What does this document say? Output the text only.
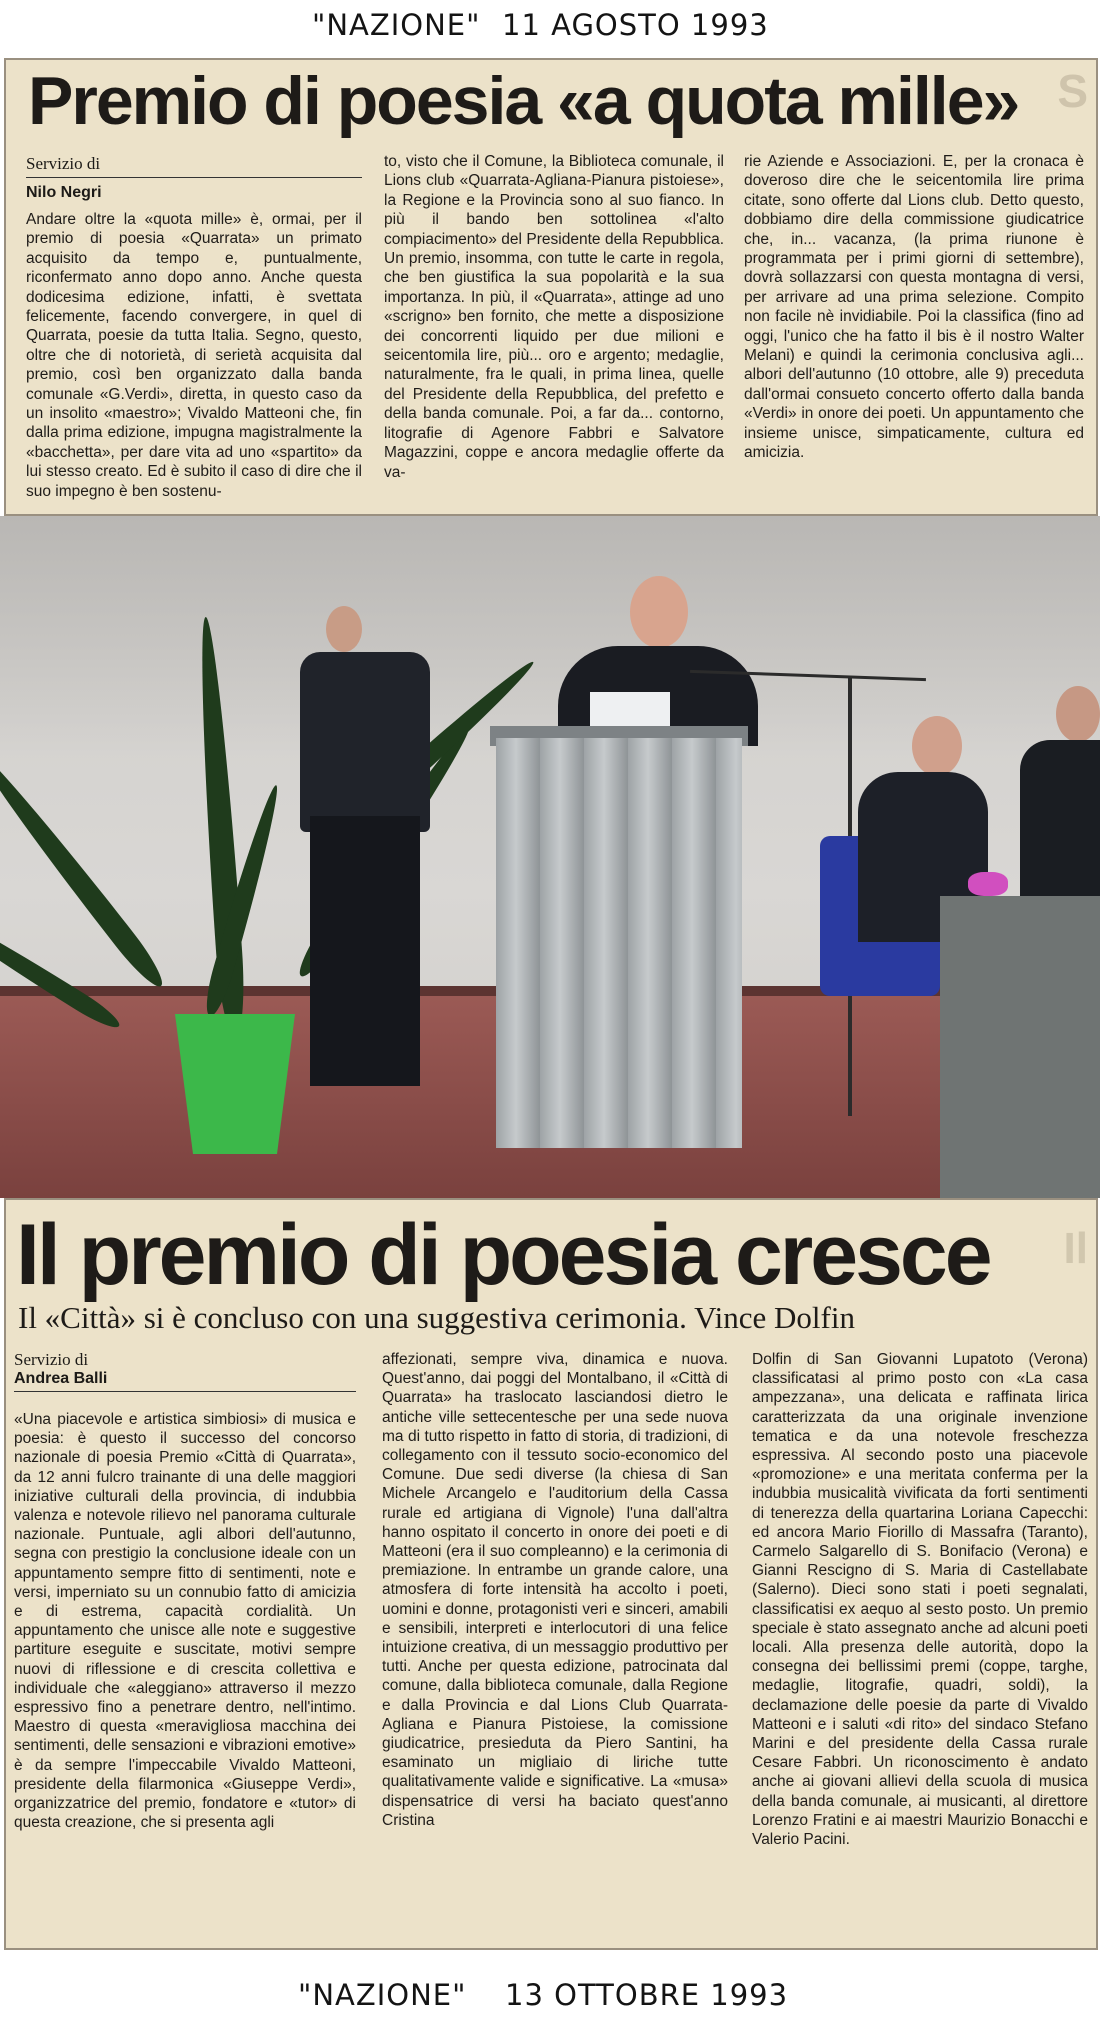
"NAZIONE" 11 AGOSTO 1993
S
Premio di poesia «a quota mille»
Servizio di
Nilo Negri
Andare oltre la «quota mille» è, ormai, per il premio di poesia «Quarrata» un primato acquisito da tempo e, puntualmente, riconfermato anno dopo anno. Anche questa dodicesima edizione, infatti, è svettata felicemente, facendo convergere, in quel di Quarrata, poesie da tutta Italia. Segno, questo, oltre che di notorietà, di serietà acquisita dal premio, così ben organizzato dalla banda comunale «G.Verdi», diretta, in questo caso da un insolito «maestro»; Vivaldo Matteoni che, fin dalla prima edizione, impugna magistralmente la «bacchetta», per dare vita ad uno «spartito» da lui stesso creato. Ed è subito il caso di dire che il suo impegno è ben sostenu-
to, visto che il Comune, la Biblioteca comunale, il Lions club «Quarrata-Agliana-Pianura pistoiese», la Regione e la Provincia sono al suo fianco. In più il bando ben sottolinea «l'alto compiacimento» del Presidente della Repubblica. Un premio, insomma, con tutte le carte in regola, che ben giustifica la sua popolarità e la sua importanza. In più, il «Quarrata», attinge ad uno «scrigno» ben fornito, che mette a disposizione dei concorrenti liquido per due milioni e seicentomila lire, più... oro e argento; medaglie, naturalmente, fra le quali, in prima linea, quelle del Presidente della Repubblica, del prefetto e della banda comunale. Poi, a far da... contorno, litografie di Agenore Fabbri e Salvatore Magazzini, coppe e ancora medaglie offerte da va-
rie Aziende e Associazioni. E, per la cronaca è doveroso dire che le seicentomila lire prima citate, sono offerte dal Lions club. Detto questo, dobbiamo dire della commissione giudicatrice che, in... vacanza, (la prima riunone è programmata per i primi giorni di settembre), dovrà sollazzarsi con questa montagna di versi, per arrivare ad una prima selezione. Compito non facile nè invidiabile. Poi la classifica (fino ad oggi, l'unico che ha fatto il bis è il nostro Walter Melani) e quindi la cerimonia conclusiva agli... albori dell'autunno (10 ottobre, alle 9) preceduta dall'ormai consueto concerto offerto dalla banda «Verdi» in onore dei poeti. Un appuntamento che insieme unisce, simpaticamente, cultura ed amicizia.
Il
Il premio di poesia cresce
Il «Città» si è concluso con una suggestiva cerimonia. Vince Dolfin
Servizio di
Andrea Balli
«Una piacevole e artistica simbiosi» di musica e poesia: è questo il successo del concorso nazionale di poesia Premio «Città di Quarrata», da 12 anni fulcro trainante di una delle maggiori iniziative culturali della provincia, di indubbia valenza e notevole rilievo nel panorama culturale nazionale. Puntuale, agli albori dell'autunno, segna con prestigio la conclusione ideale con un appuntamento sempre fitto di sentimenti, note e versi, imperniato su un connubio fatto di amicizia e di estrema, capacità cordialità. Un appuntamento che unisce alle note e suggestive partiture eseguite e suscitate, motivi sempre nuovi di riflessione e di crescita collettiva e individuale che «aleggiano» attraverso il mezzo espressivo fino a penetrare dentro, nell'intimo. Maestro di questa «meravigliosa macchina dei sentimenti, delle sensazioni e vibrazioni emotive» è da sempre l'impeccabile Vivaldo Matteoni, presidente della filarmonica «Giuseppe Verdi», organizzatrice del premio, fondatore e «tutor» di questa creazione, che si presenta agli
affezionati, sempre viva, dinamica e nuova. Quest'anno, dai poggi del Montalbano, il «Città di Quarrata» ha traslocato lasciandosi dietro le antiche ville settecentesche per una sede nuova ma di tutto rispetto in fatto di storia, di tradizioni, di collegamento con il tessuto socio-economico del Comune. Due sedi diverse (la chiesa di San Michele Arcangelo e l'auditorium della Cassa rurale ed artigiana di Vignole) l'una dall'altra hanno ospitato il concerto in onore dei poeti e di Matteoni (era il suo compleanno) e la cerimonia di premiazione. In entrambe un grande calore, una atmosfera di forte intensità ha accolto i poeti, uomini e donne, protagonisti veri e sinceri, amabili e sensibili, interpreti e interlocutori di una felice intuizione creativa, di un messaggio produttivo per tutti. Anche per questa edizione, patrocinata dal comune, dalla biblioteca comunale, dalla Regione e dalla Provincia e dal Lions Club Quarrata-Agliana e Pianura Pistoiese, la comissione giudicatrice, presieduta da Piero Santini, ha esaminato un migliaio di liriche tutte qualitativamente valide e significative. La «musa» dispensatrice di versi ha baciato quest'anno Cristina
Dolfin di San Giovanni Lupatoto (Verona) classificatasi al primo posto con «La casa ampezzana», una delicata e raffinata lirica caratterizzata da una originale invenzione tematica e da una notevole freschezza espressiva. Al secondo posto una piacevole «promozione» e una meritata conferma per la indubbia musicalità vivificata da forti sentimenti di tenerezza della quartarina Loriana Capecchi: ed ancora Mario Fiorillo di Massafra (Taranto), Carmelo Salgarello di S. Bonifacio (Verona) e Gianni Rescigno di S. Maria di Castellabate (Salerno). Dieci sono stati i poeti segnalati, classificatisi ex aequo al sesto posto. Un premio speciale è stato assegnato anche ad alcuni poeti locali. Alla presenza delle autorità, dopo la consegna dei bellissimi premi (coppe, targhe, medaglie, litografie, quadri, soldi), la declamazione delle poesie da parte di Vivaldo Matteoni e i saluti «di rito» del sindaco Stefano Marini e del presidente della Cassa rurale Cesare Fabbri. Un riconoscimento è andato anche ai giovani allievi della scuola di musica della banda comunale, ai musicanti, al direttore Lorenzo Fratini e ai maestri Maurizio Bonacchi e Valerio Pacini.
"NAZIONE" 13 OTTOBRE 1993
